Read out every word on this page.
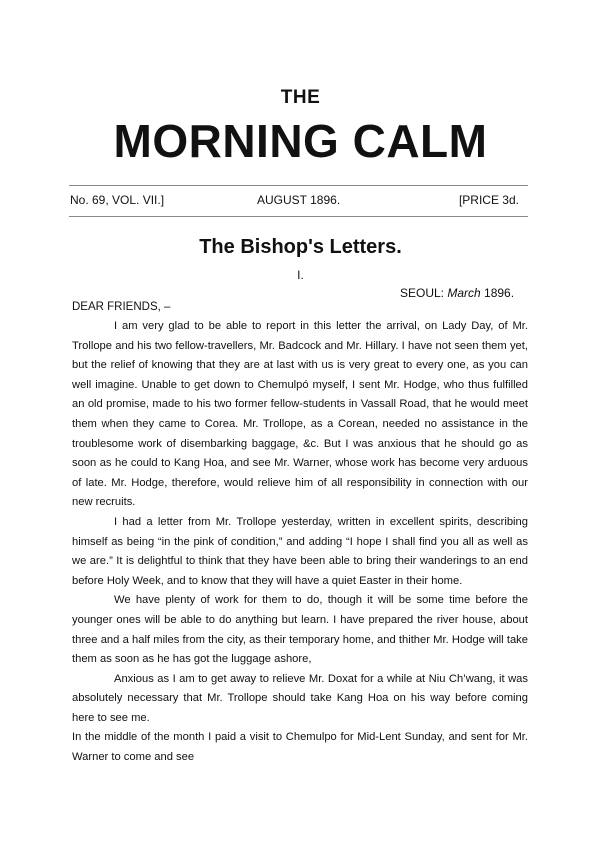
THE
MORNING CALM
No. 69, VOL. VII.]	AUGUST 1896.	[PRICE 3d.
The Bishop's Letters.
I.
SEOUL: March 1896.
DEAR FRIENDS, –

I am very glad to be able to report in this letter the arrival, on Lady Day, of Mr. Trollope and his two fellow-travellers, Mr. Badcock and Mr. Hillary. I have not seen them yet, but the relief of knowing that they are at last with us is very great to every one, as you can well imagine. Unable to get down to Chemulpó myself, I sent Mr. Hodge, who thus fulfilled an old promise, made to his two former fellow-students in Vassall Road, that he would meet them when they came to Corea. Mr. Trollope, as a Corean, needed no assistance in the troublesome work of disembarking baggage, &c. But I was anxious that he should go as soon as he could to Kang Hoa, and see Mr. Warner, whose work has become very arduous of late. Mr. Hodge, therefore, would relieve him of all responsibility in connection with our new recruits.

I had a letter from Mr. Trollope yesterday, written in excellent spirits, describing himself as being “in the pink of condition,” and adding “I hope I shall find you all as well as we are.” It is delightful to think that they have been able to bring their wanderings to an end before Holy Week, and to know that they will have a quiet Easter in their home.

We have plenty of work for them to do, though it will be some time before the younger ones will be able to do anything but learn. I have prepared the river house, about three and a half miles from the city, as their temporary home, and thither Mr. Hodge will take them as soon as he has got the luggage ashore,

Anxious as I am to get away to relieve Mr. Doxat for a while at Niu Ch’wang, it was absolutely necessary that Mr. Trollope should take Kang Hoa on his way before coming here to see me.

In the middle of the month I paid a visit to Chemulpo for Mid-Lent Sunday, and sent for Mr. Warner to come and see
